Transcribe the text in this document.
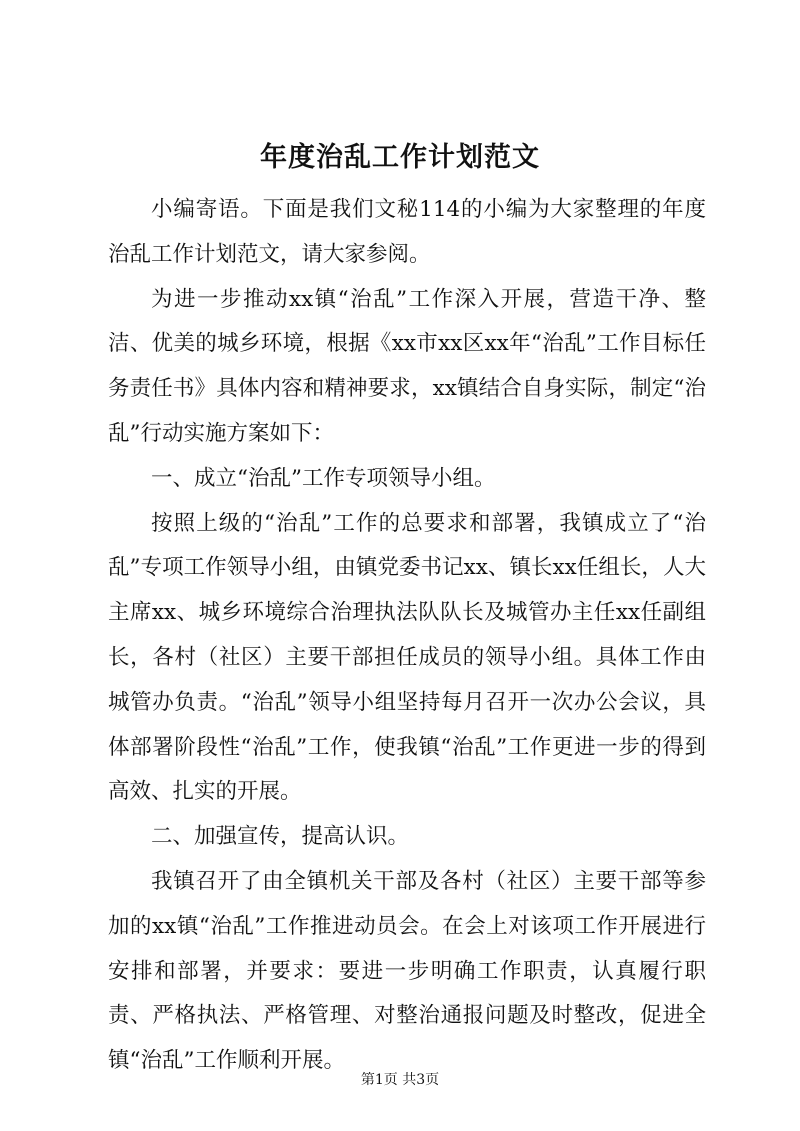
年度治乱工作计划范文

小编寄语。下面是我们文秘114的小编为大家整理的年度治乱工作计划范文，请大家参阅。

为进一步推动xx镇“治乱”工作深入开展，营造干净、整洁、优美的城乡环境，根据《xx市xx区xx年“治乱”工作目标任务责任书》具体内容和精神要求，xx镇结合自身实际，制定“治乱”行动实施方案如下：

一、成立“治乱”工作专项领导小组。

按照上级的“治乱”工作的总要求和部署，我镇成立了“治乱”专项工作领导小组，由镇党委书记xx、镇长xx任组长，人大主席xx、城乡环境综合治理执法队队长及城管办主任xx任副组长，各村（社区）主要干部担任成员的领导小组。具体工作由城管办负责。“治乱”领导小组坚持每月召开一次办公会议，具体部署阶段性“治乱”工作，使我镇“治乱”工作更进一步的得到高效、扎实的开展。

二、加强宣传，提高认识。

我镇召开了由全镇机关干部及各村（社区）主要干部等参加的xx镇“治乱”工作推进动员会。在会上对该项工作开展进行安排和部署，并要求：要进一步明确工作职责，认真履行职责、严格执法、严格管理、对整治通报问题及时整改，促进全镇“治乱”工作顺利开展。

第1页 共3页
